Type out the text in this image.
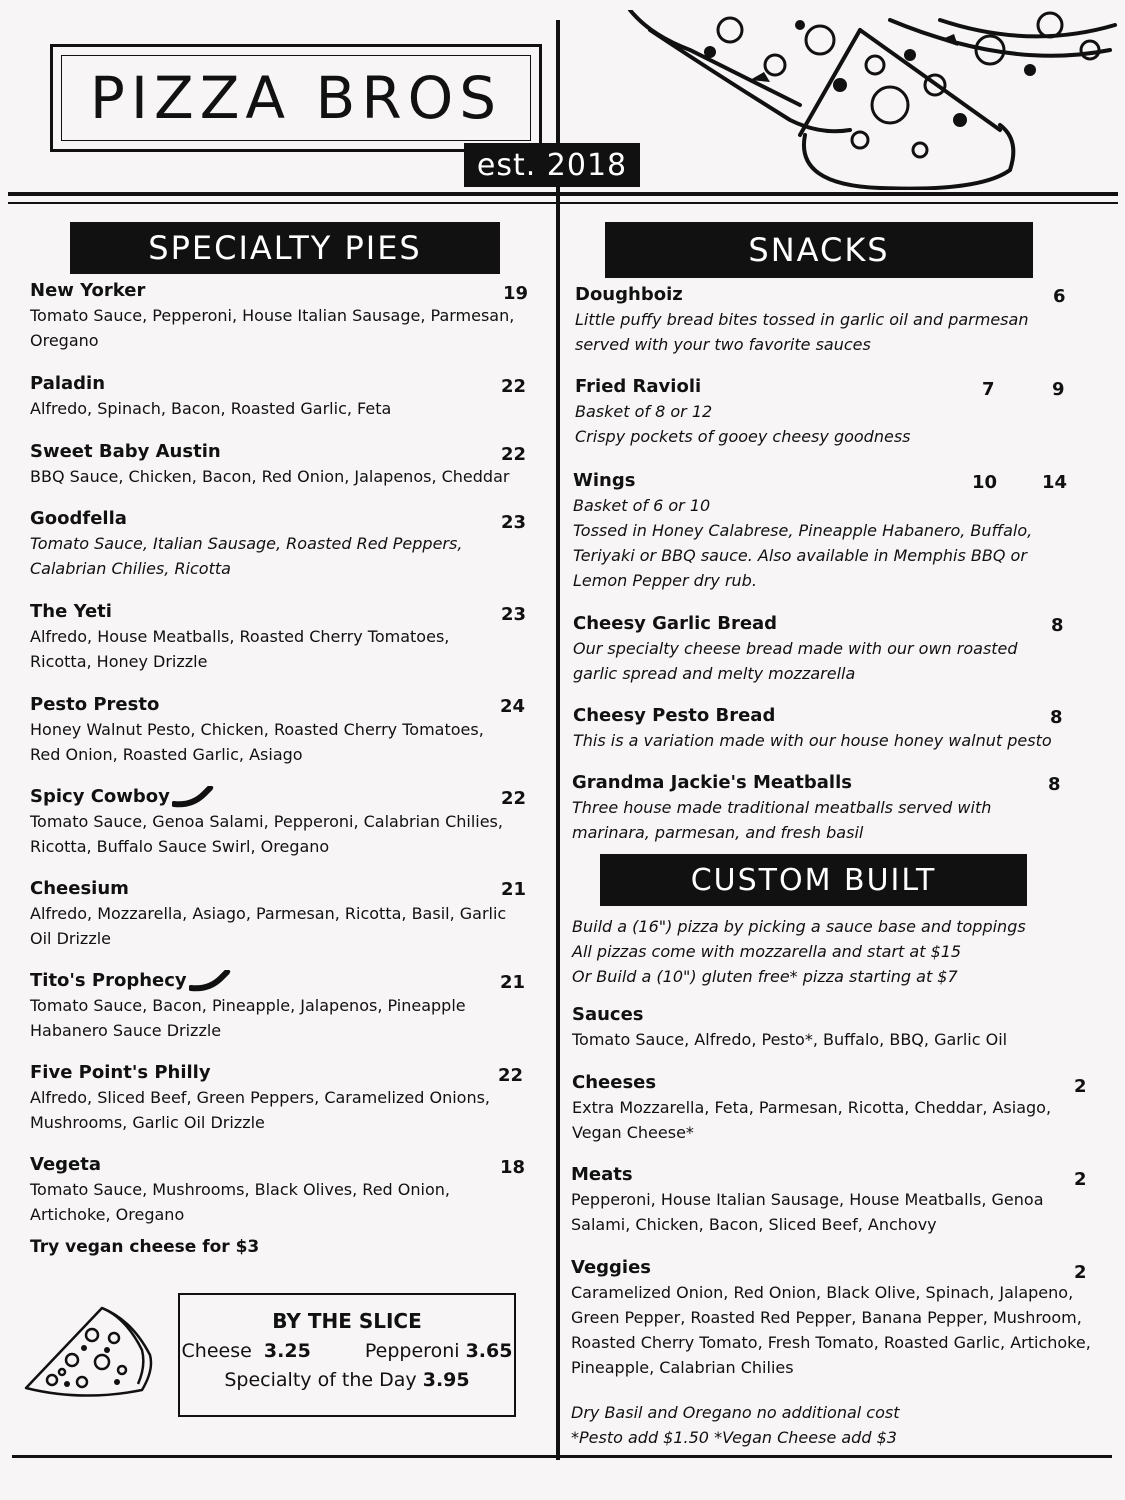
PIZZA BROS
est. 2018
SPECIALTY PIES
New Yorker
Tomato Sauce, Pepperoni, House Italian Sausage, Parmesan, Oregano
19
Paladin
Alfredo, Spinach, Bacon, Roasted Garlic, Feta
22
Sweet Baby Austin
BBQ Sauce, Chicken, Bacon, Red Onion, Jalapenos, Cheddar
22
Goodfella
Tomato Sauce, Italian Sausage, Roasted Red Peppers, Calabrian Chilies, Ricotta
23
The Yeti
Alfredo, House Meatballs, Roasted Cherry Tomatoes, Ricotta, Honey Drizzle
23
Pesto Presto
Honey Walnut Pesto, Chicken, Roasted Cherry Tomatoes, Red Onion, Roasted Garlic, Asiago
24
Spicy Cowboy
Tomato Sauce, Genoa Salami, Pepperoni, Calabrian Chilies, Ricotta, Buffalo Sauce Swirl, Oregano
22
Cheesium
Alfredo, Mozzarella, Asiago, Parmesan, Ricotta, Basil, Garlic Oil Drizzle
21
Tito's Prophecy
Tomato Sauce, Bacon, Pineapple, Jalapenos, Pineapple Habanero Sauce Drizzle
21
Five Point's Philly
Alfredo, Sliced Beef, Green Peppers, Caramelized Onions, Mushrooms, Garlic Oil Drizzle
22
Vegeta
Tomato Sauce, Mushrooms, Black Olives, Red Onion, Artichoke, Oregano
18
Try vegan cheese for $3
BY THE SLICE
Cheese 3.25	Pepperoni 3.65
Specialty of the Day 3.95
SNACKS
Doughboiz
Little puffy bread bites tossed in garlic oil and parmesan served with your two favorite sauces
6
Fried Ravioli
Basket of 8 or 12
Crispy pockets of gooey cheesy goodness
7	9
Wings
Basket of 6 or 10
Tossed in Honey Calabrese, Pineapple Habanero, Buffalo, Teriyaki or BBQ sauce. Also available in Memphis BBQ or Lemon Pepper dry rub.
10 14
Cheesy Garlic Bread
Our specialty cheese bread made with our own roasted garlic spread and melty mozzarella
8
Cheesy Pesto Bread
This is a variation made with our house honey walnut pesto
8
Grandma Jackie's Meatballs
Three house made traditional meatballs served with marinara, parmesan, and fresh basil
8
CUSTOM BUILT
Build a (16") pizza by picking a sauce base and toppings
All pizzas come with mozzarella and start at $15
Or Build a (10") gluten free* pizza starting at $7
Sauces
Tomato Sauce, Alfredo, Pesto*, Buffalo, BBQ, Garlic Oil
Cheeses
Extra Mozzarella, Feta, Parmesan, Ricotta, Cheddar, Asiago, Vegan Cheese*
2
Meats
Pepperoni, House Italian Sausage, House Meatballs, Genoa Salami, Chicken, Bacon, Sliced Beef, Anchovy
2
Veggies
Caramelized Onion, Red Onion, Black Olive, Spinach, Jalapeno, Green Pepper, Roasted Red Pepper, Banana Pepper, Mushroom, Roasted Cherry Tomato, Fresh Tomato, Roasted Garlic, Artichoke, Pineapple, Calabrian Chilies
2
Dry Basil and Oregano no additional cost
*Pesto add $1.50 *Vegan Cheese add $3
